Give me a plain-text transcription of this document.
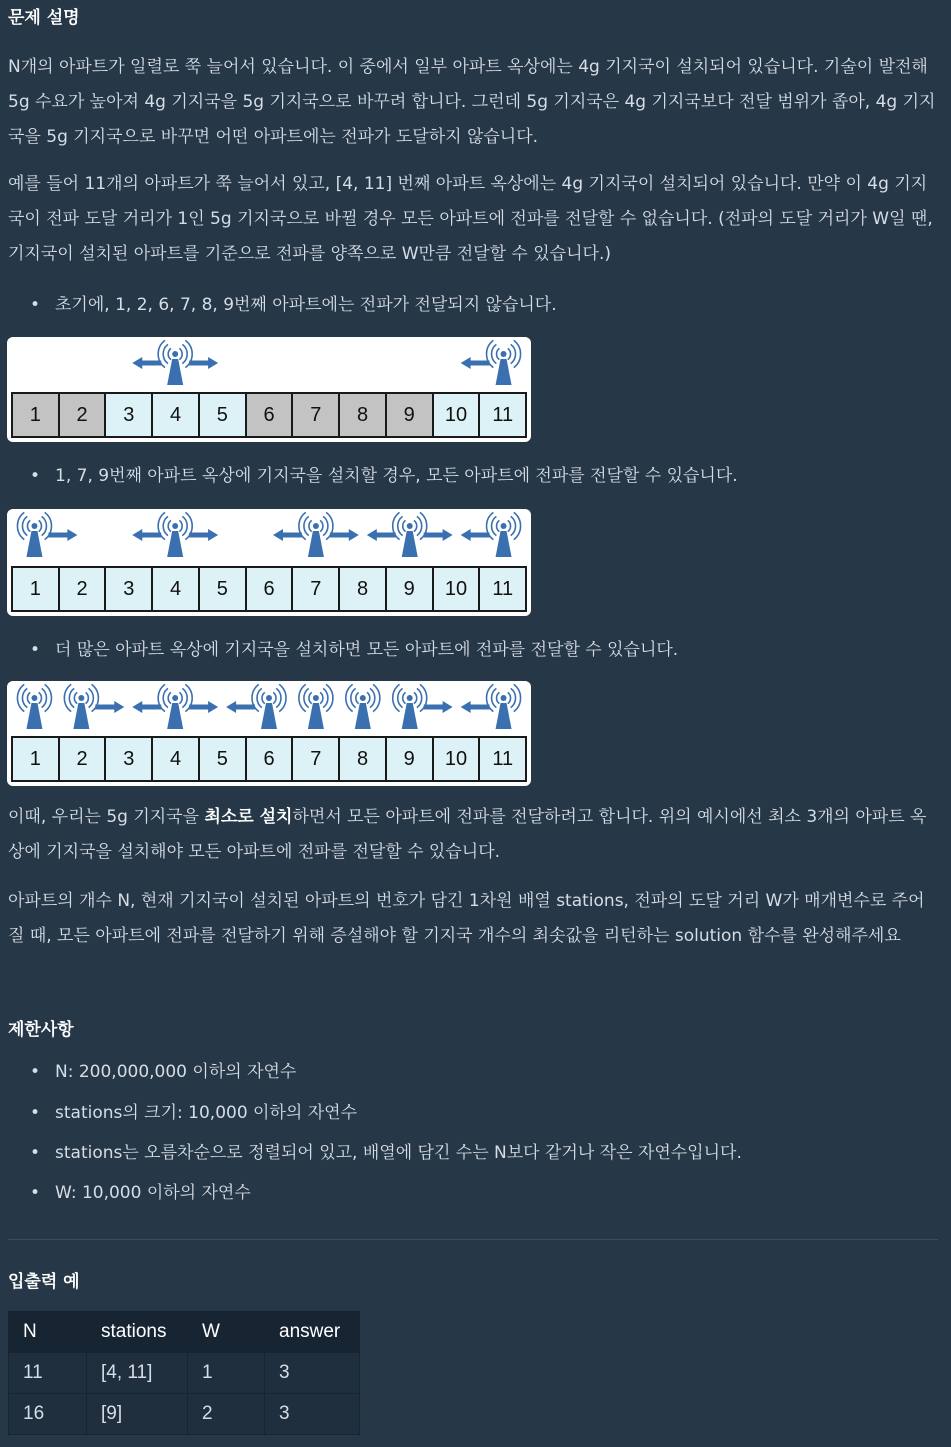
문제 설명

N개의 아파트가 일렬로 쭉 늘어서 있습니다. 이 중에서 일부 아파트 옥상에는 4g 기지국이 설치되어 있습니다. 기술이 발전해 5g 수요가 높아져 4g 기지국을 5g 기지국으로 바꾸려 합니다. 그런데 5g 기지국은 4g 기지국보다 전달 범위가 좁아, 4g 기지국을 5g 기지국으로 바꾸면 어떤 아파트에는 전파가 도달하지 않습니다.

예를 들어 11개의 아파트가 쭉 늘어서 있고, [4, 11] 번째 아파트 옥상에는 4g 기지국이 설치되어 있습니다. 만약 이 4g 기지국이 전파 도달 거리가 1인 5g 기지국으로 바뀔 경우 모든 아파트에 전파를 전달할 수 없습니다. (전파의 도달 거리가 W일 땐, 기지국이 설치된 아파트를 기준으로 전파를 양쪽으로 W만큼 전달할 수 있습니다.)

초기에, 1, 2, 6, 7, 8, 9번째 아파트에는 전파가 전달되지 않습니다.
1	2	3	4	5	6	7	8	9	10	11
1, 7, 9번째 아파트 옥상에 기지국을 설치할 경우, 모든 아파트에 전파를 전달할 수 있습니다.
1	2	3	4	5	6	7	8	9	10	11
더 많은 아파트 옥상에 기지국을 설치하면 모든 아파트에 전파를 전달할 수 있습니다.
1	2	3	4	5	6	7	8	9	10	11

이때, 우리는 5g 기지국을 최소로 설치하면서 모든 아파트에 전파를 전달하려고 합니다. 위의 예시에선 최소 3개의 아파트 옥상에 기지국을 설치해야 모든 아파트에 전파를 전달할 수 있습니다.

아파트의 개수 N, 현재 기지국이 설치된 아파트의 번호가 담긴 1차원 배열 stations, 전파의 도달 거리 W가 매개변수로 주어질 때, 모든 아파트에 전파를 전달하기 위해 증설해야 할 기지국 개수의 최솟값을 리턴하는 solution 함수를 완성해주세요

제한사항
N: 200,000,000 이하의 자연수
stations의 크기: 10,000 이하의 자연수
stations는 오름차순으로 정렬되어 있고, 배열에 담긴 수는 N보다 같거나 작은 자연수입니다.
W: 10,000 이하의 자연수
입출력 예
N	stations	W	answer
11	[4, 11]	1	3
16	[9]	2	3
